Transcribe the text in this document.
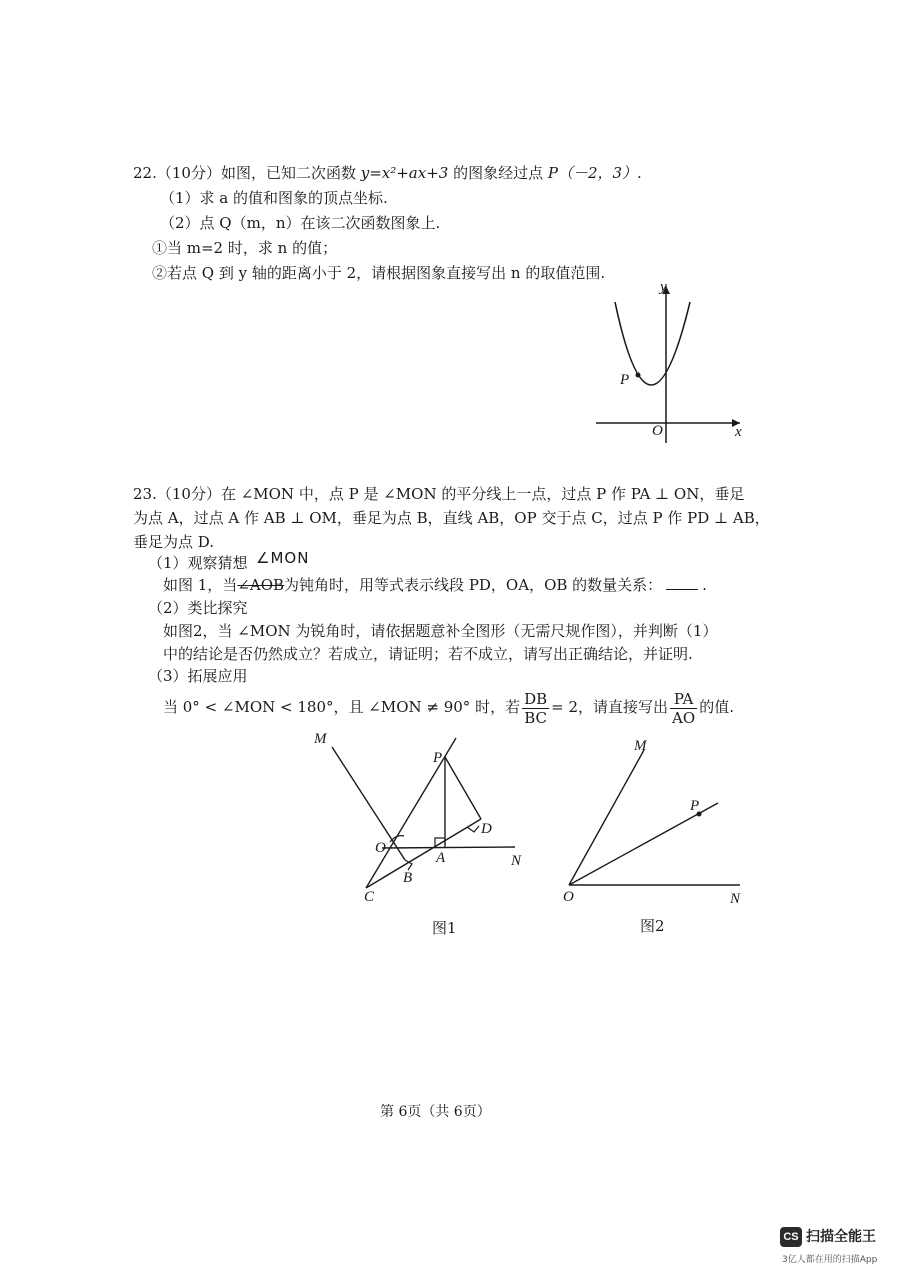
22.（10分）如图，已知二次函数 y=x²+ax+3 的图象经过点 P（－2，3）.
（1）求 a 的值和图象的顶点坐标.
（2）点 Q（m，n）在该二次函数图象上.
①当 m=2 时，求 n 的值；
②若点 Q 到 y 轴的距离小于 2，请根据图象直接写出 n 的取值范围.
y
x
O
P
23.（10分）在 ∠MON 中，点 P 是 ∠MON 的平分线上一点，过点 P 作 PA ⊥ ON，垂足
为点 A，过点 A 作 AB ⊥ OM，垂足为点 B，直线 AB，OP 交于点 C，过点 P 作 PD ⊥ AB，
垂足为点 D.
（1）观察猜想 ∠MON
如图 1，当∠AOB为钝角时，用等式表示线段 PD，OA，OB 的数量关系：	.
（2）类比探究
如图2，当 ∠MON 为锐角时，请依据题意补全图形（无需尺规作图），并判断（1）
中的结论是否仍然成立？若成立，请证明；若不成立，请写出正确结论，并证明.
（3）拓展应用
当 0° < ∠MON < 180°，且 ∠MON ≠ 90° 时，若 $\frac{DB}{BC} = 2$，请直接写出 $\frac{PA}{AO}$ 的值.
M
P
D
O
A	N
B
C
图1
M
P
O	N
图2
第 6页（共 6页）
CS 扫描全能王
3亿人都在用的扫描App
